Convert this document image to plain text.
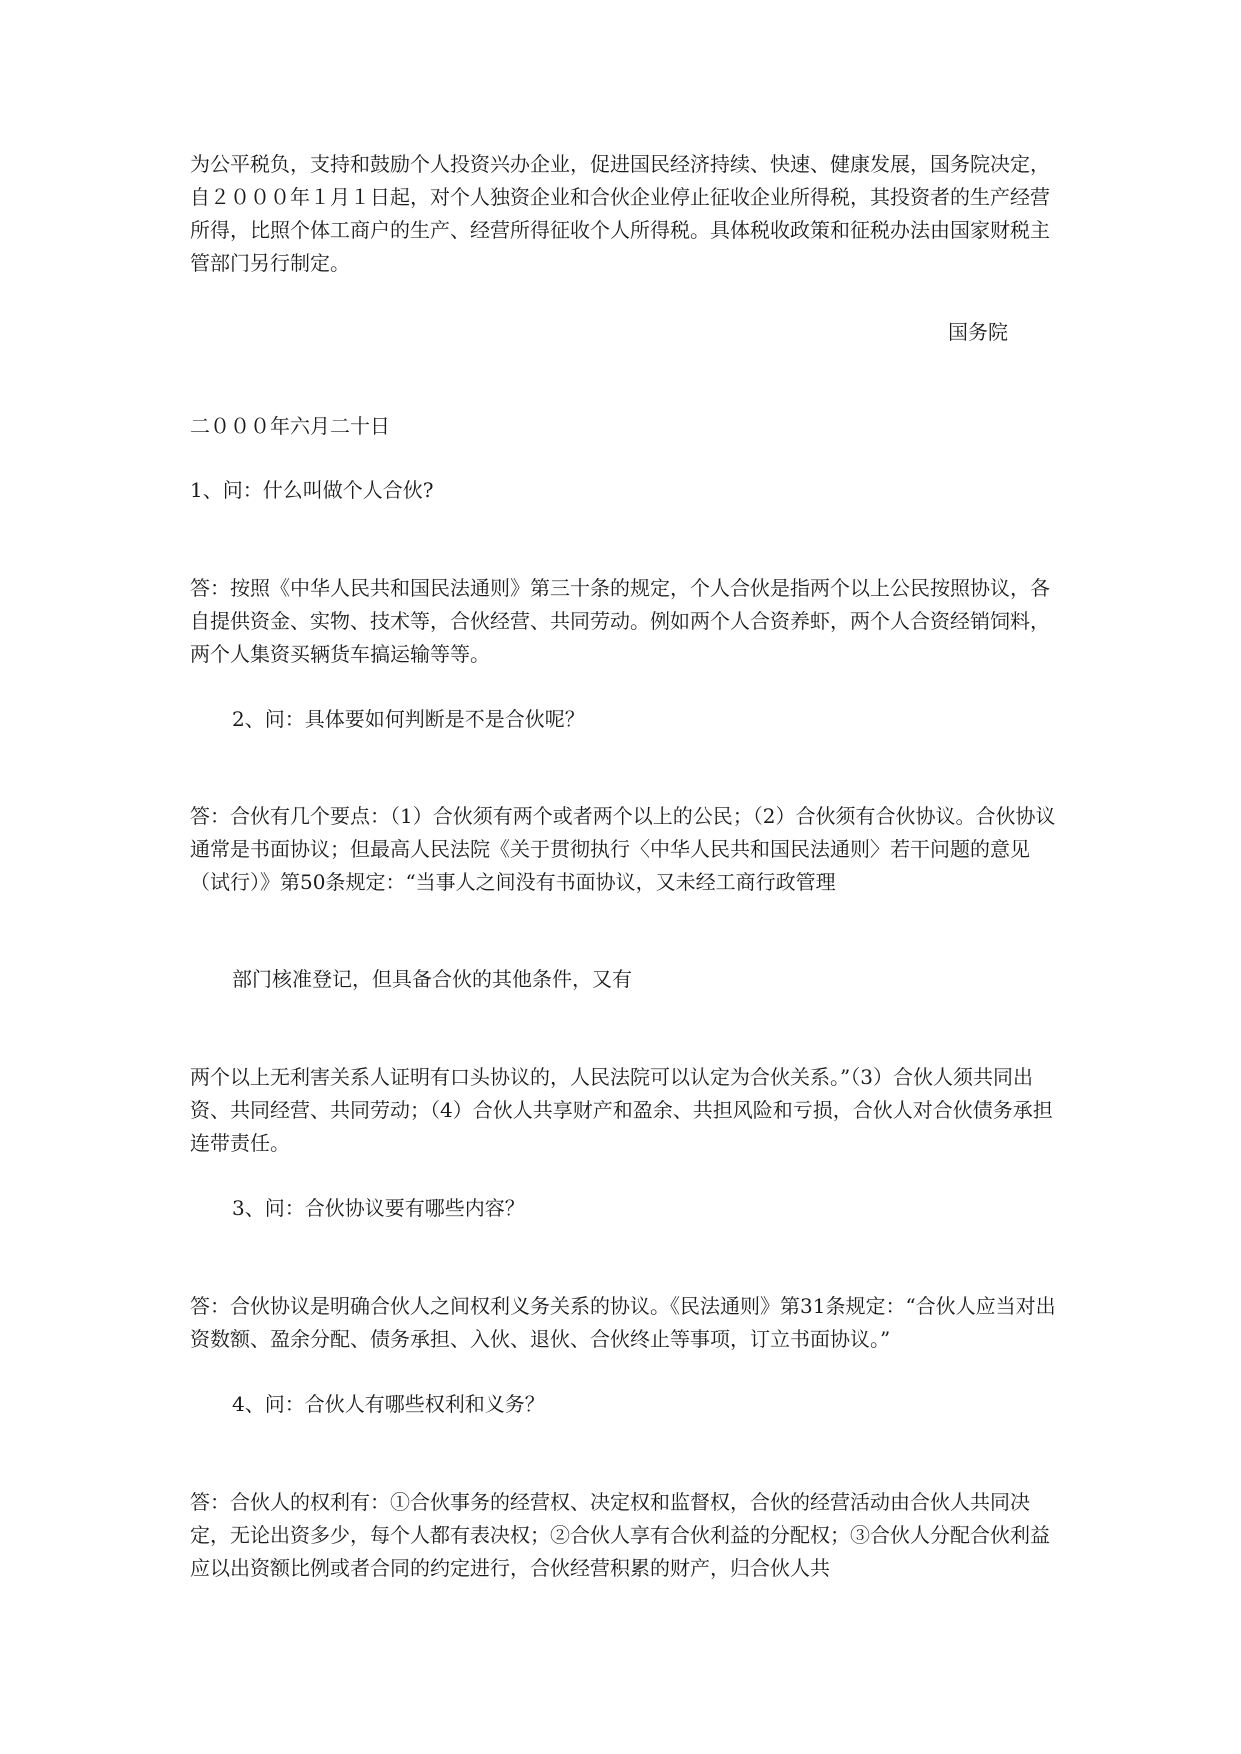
为公平税负，支持和鼓励个人投资兴办企业，促进国民经济持续、快速、健康发展，国务院决定，自２０００年１月１日起，对个人独资企业和合伙企业停止征收企业所得税，其投资者的生产经营所得，比照个体工商户的生产、经营所得征收个人所得税。具体税收政策和征税办法由国家财税主管部门另行制定。

国务院

二０００年六月二十日

1、问：什么叫做个人合伙?

答：按照《中华人民共和国民法通则》第三十条的规定，个人合伙是指两个以上公民按照协议，各自提供资金、实物、技术等，合伙经营、共同劳动。例如两个人合资养虾，两个人合资经销饲料，两个人集资买辆货车搞运输等等。

2、问：具体要如何判断是不是合伙呢？

答：合伙有几个要点：（1）合伙须有两个或者两个以上的公民；（2）合伙须有合伙协议。合伙协议通常是书面协议；但最高人民法院《关于贯彻执行〈中华人民共和国民法通则〉若干问题的意见（试行）》第50条规定：“当事人之间没有书面协议，又未经工商行政管理

部门核准登记，但具备合伙的其他条件，又有

两个以上无利害关系人证明有口头协议的，人民法院可以认定为合伙关系。”（3）合伙人须共同出资、共同经营、共同劳动；（4）合伙人共享财产和盈余、共担风险和亏损，合伙人对合伙债务承担连带责任。

3、问：合伙协议要有哪些内容？

答：合伙协议是明确合伙人之间权利义务关系的协议。《民法通则》第31条规定：“合伙人应当对出资数额、盈余分配、债务承担、入伙、退伙、合伙终止等事项，订立书面协议。”

4、问：合伙人有哪些权利和义务？

答：合伙人的权利有：①合伙事务的经营权、决定权和监督权，合伙的经营活动由合伙人共同决定，无论出资多少，每个人都有表决权；②合伙人享有合伙利益的分配权；③合伙人分配合伙利益应以出资额比例或者合同的约定进行，合伙经营积累的财产，归合伙人共
